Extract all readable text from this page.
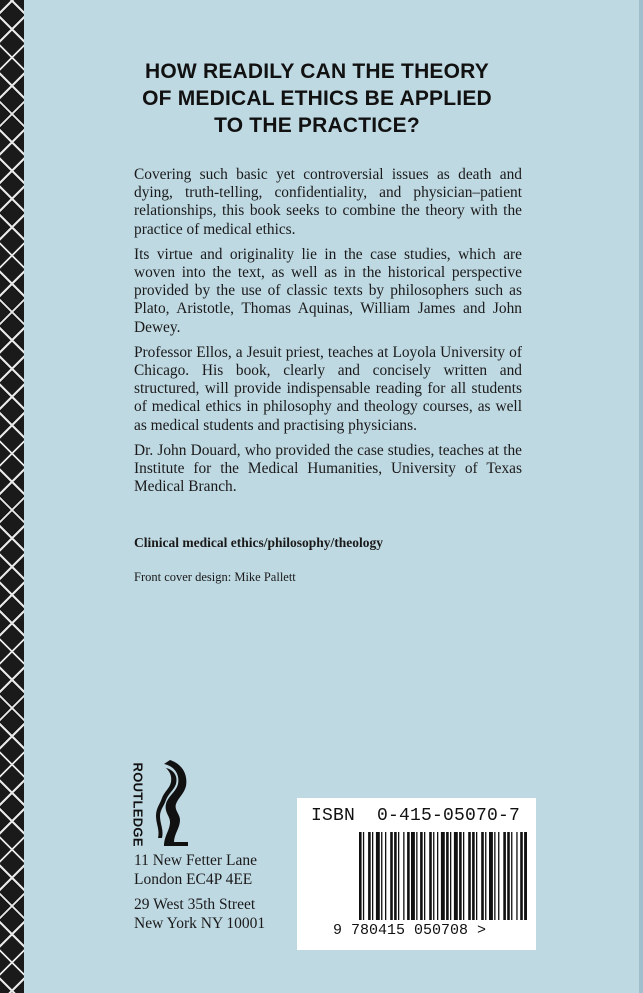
HOW READILY CAN THE THEORY
OF MEDICAL ETHICS BE APPLIED
TO THE PRACTICE?

Covering such basic yet controversial issues as death and dying, truth-telling, confidentiality, and physician–patient relationships, this book seeks to combine the theory with the practice of medical ethics.

Its virtue and originality lie in the case studies, which are woven into the text, as well as in the historical perspective provided by the use of classic texts by philosophers such as Plato, Aristotle, Thomas Aquinas, William James and John Dewey.

Professor Ellos, a Jesuit priest, teaches at Loyola University of Chicago. His book, clearly and concisely written and structured, will provide indispensable reading for all students of medical ethics in philosophy and theology courses, as well as medical students and practising physicians.

Dr. John Douard, who provided the case studies, teaches at the Institute for the Medical Humanities, University of Texas Medical Branch.

Clinical medical ethics/philosophy/theology
Front cover design: Mike Pallett
ROUTLEDGE
11 New Fetter Lane
London EC4P 4EE
29 West 35th Street
New York NY 10001
ISBN  0-415-05070-7
9 780415 050708 >
